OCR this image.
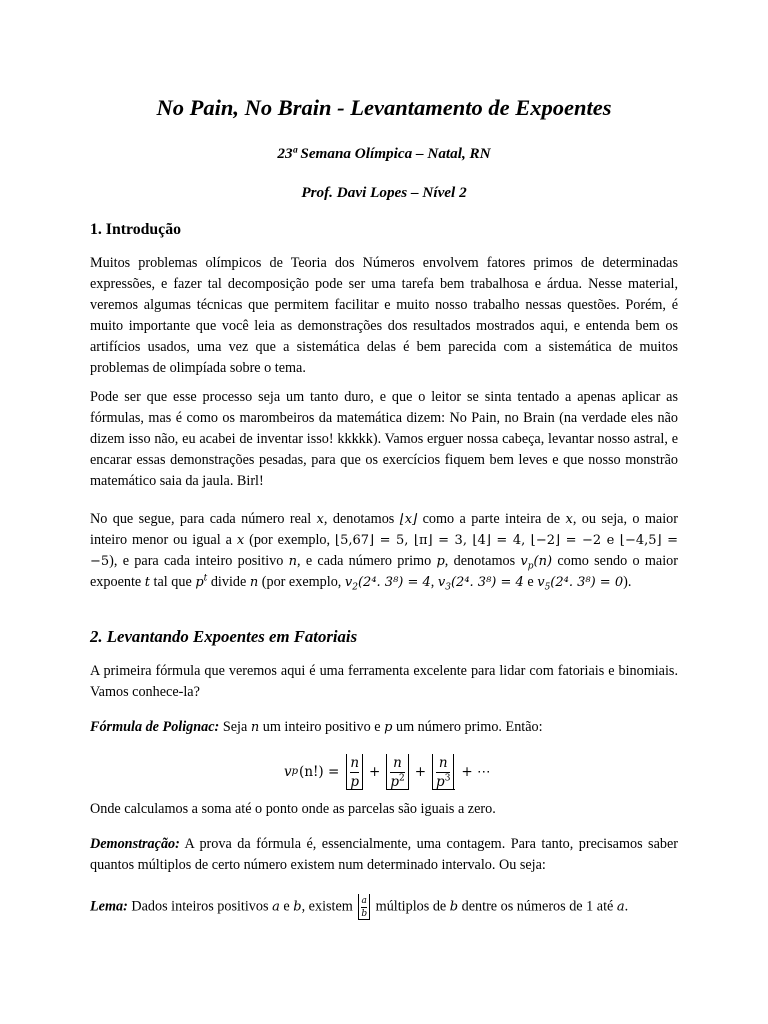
No Pain, No Brain - Levantamento de Expoentes
23ª Semana Olímpica – Natal, RN
Prof. Davi Lopes – Nível 2
1. Introdução
Muitos problemas olímpicos de Teoria dos Números envolvem fatores primos de determinadas expressões, e fazer tal decomposição pode ser uma tarefa bem trabalhosa e árdua. Nesse material, veremos algumas técnicas que permitem facilitar e muito nosso trabalho nessas questões. Porém, é muito importante que você leia as demonstrações dos resultados mostrados aqui, e entenda bem os artifícios usados, uma vez que a sistemática delas é bem parecida com a sistemática de muitos problemas de olimpíada sobre o tema.
Pode ser que esse processo seja um tanto duro, e que o leitor se sinta tentado a apenas aplicar as fórmulas, mas é como os marombeiros da matemática dizem: No Pain, no Brain (na verdade eles não dizem isso não, eu acabei de inventar isso! kkkkk). Vamos erguer nossa cabeça, levantar nosso astral, e encarar essas demonstrações pesadas, para que os exercícios fiquem bem leves e que nosso monstrão matemático saia da jaula. Birl!
No que segue, para cada número real x, denotamos ⌊x⌋ como a parte inteira de x, ou seja, o maior inteiro menor ou igual a x (por exemplo, ⌊5,67⌋ = 5, ⌊π⌋ = 3, ⌊4⌋ = 4, ⌊−2⌋ = −2 e ⌊−4,5⌋ = −5), e para cada inteiro positivo n, e cada número primo p, denotamos $v_p(n)$ como sendo o maior expoente t tal que $p^t$ divide n (por exemplo, $v_2(2^4$. 3⁸) = 4, $v_3(2^4$. 3⁸) = 4 e $v_5(2^4$. 3⁸) = 0).
2. Levantando Expoentes em Fatoriais
A primeira fórmula que veremos aqui é uma ferramenta excelente para lidar com fatoriais e binomiais. Vamos conhece-la?
Fórmula de Polignac: Seja n um inteiro positivo e p um número primo. Então:
v p $(n!) = \frac{n}{p} + \frac{n}{p^2} + \frac{n}{p^3}$ + ⋯
Onde calculamos a soma até o ponto onde as parcelas são iguais a zero.
Demonstração: A prova da fórmula é, essencialmente, uma contagem. Para tanto, precisamos saber quantos múltiplos de certo número existem num determinado intervalo. Ou seja:
Lema: Dados inteiros positivos a e b, existem $\frac{a}{b}$ múltiplos de b dentre os números de 1 até a.
